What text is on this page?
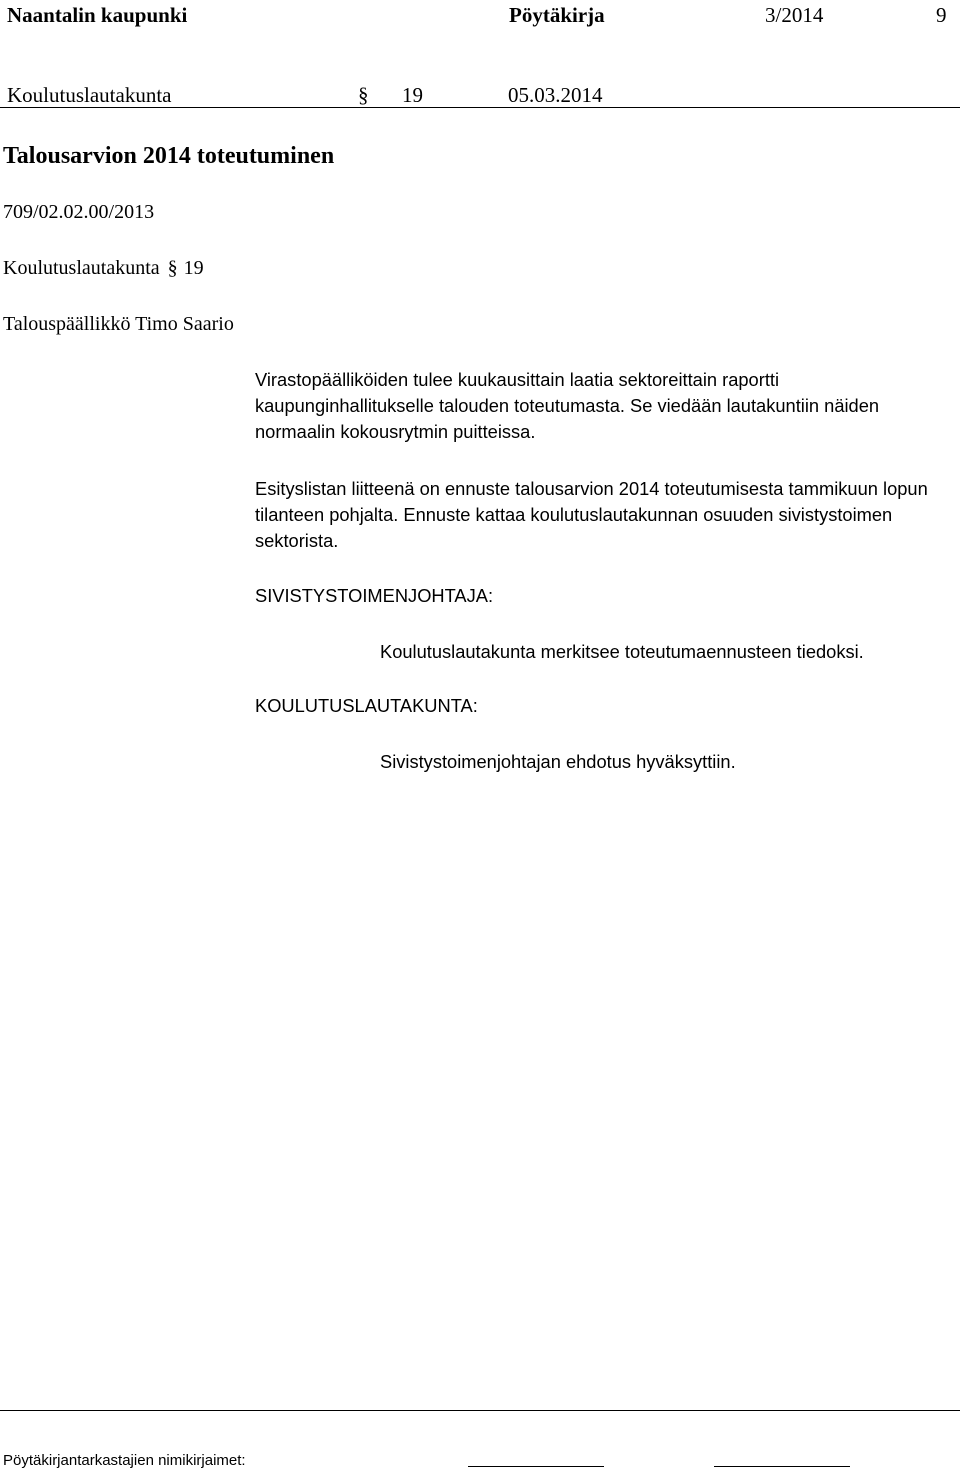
Naantalin kaupunki	Pöytäkirja	3/2014	9
Koulutuslautakunta	§ 19	05.03.2014
Talousarvion 2014 toteutuminen
709/02.02.00/2013
Koulutuslautakunta § 19
Talouspäällikkö Timo Saario
Virastopäälliköiden tulee kuukausittain laatia sektoreittain raportti kaupunginhallitukselle talouden toteutumasta. Se viedään lautakuntiin näiden normaalin kokousrytmin puitteissa.
Esityslistan liitteenä on ennuste talousarvion 2014 toteutumisesta tammikuun lopun tilanteen pohjalta. Ennuste kattaa koulutuslautakunnan osuuden sivistystoimen sektorista.
SIVISTYSTOIMENJOHTAJA:
Koulutuslautakunta merkitsee toteutumaennusteen tiedoksi.
KOULUTUSLAUTAKUNTA:
Sivistystoimenjohtajan ehdotus hyväksyttiin.
Pöytäkirjantarkastajien nimikirjaimet:
